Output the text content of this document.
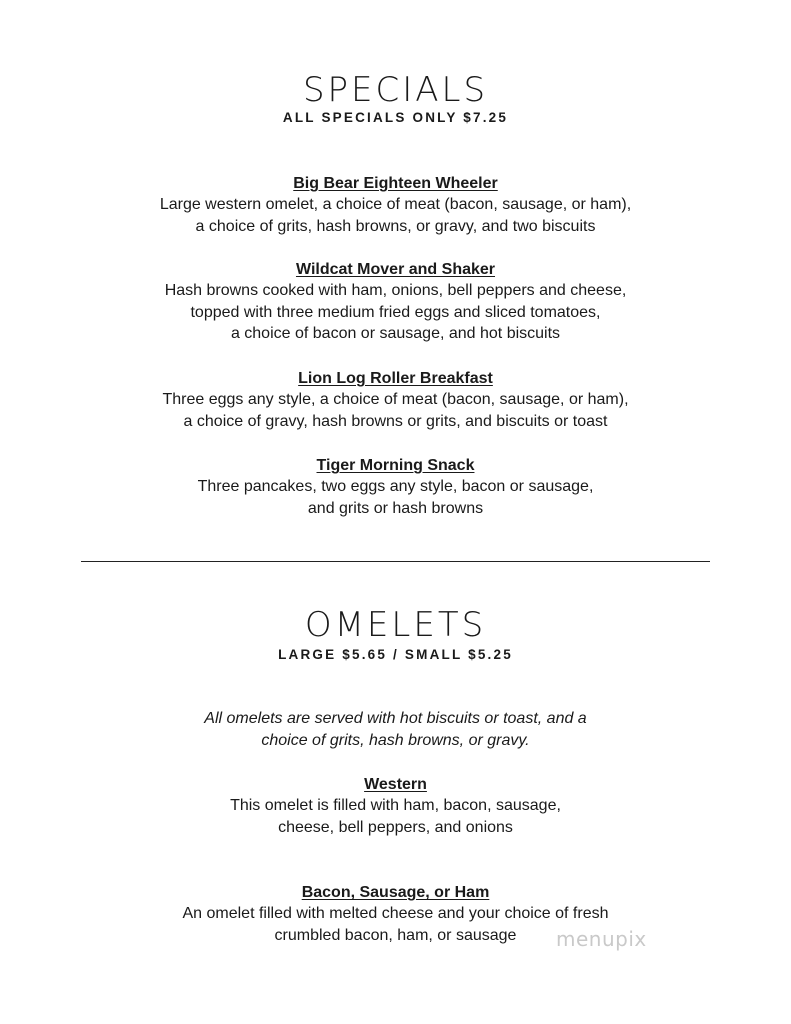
SPECIALS
ALL SPECIALS ONLY $7.25
Big Bear Eighteen Wheeler
Large western omelet, a choice of meat (bacon, sausage, or ham),
a choice of grits, hash browns, or gravy, and two biscuits
Wildcat Mover and Shaker
Hash browns cooked with ham, onions, bell peppers and cheese,
topped with three medium fried eggs and sliced tomatoes,
a choice of bacon or sausage, and hot biscuits
Lion Log Roller Breakfast
Three eggs any style, a choice of meat (bacon, sausage, or ham),
a choice of gravy, hash browns or grits, and biscuits or toast
Tiger Morning Snack
Three pancakes, two eggs any style, bacon or sausage,
and grits or hash browns
OMELETS
LARGE $5.65 / SMALL $5.25
All omelets are served with hot biscuits or toast, and a
choice of grits, hash browns, or gravy.
Western
This omelet is filled with ham, bacon, sausage,
cheese, bell peppers, and onions
Bacon, Sausage, or Ham
An omelet filled with melted cheese and your choice of fresh
crumbled bacon, ham, or sausage	menupix
